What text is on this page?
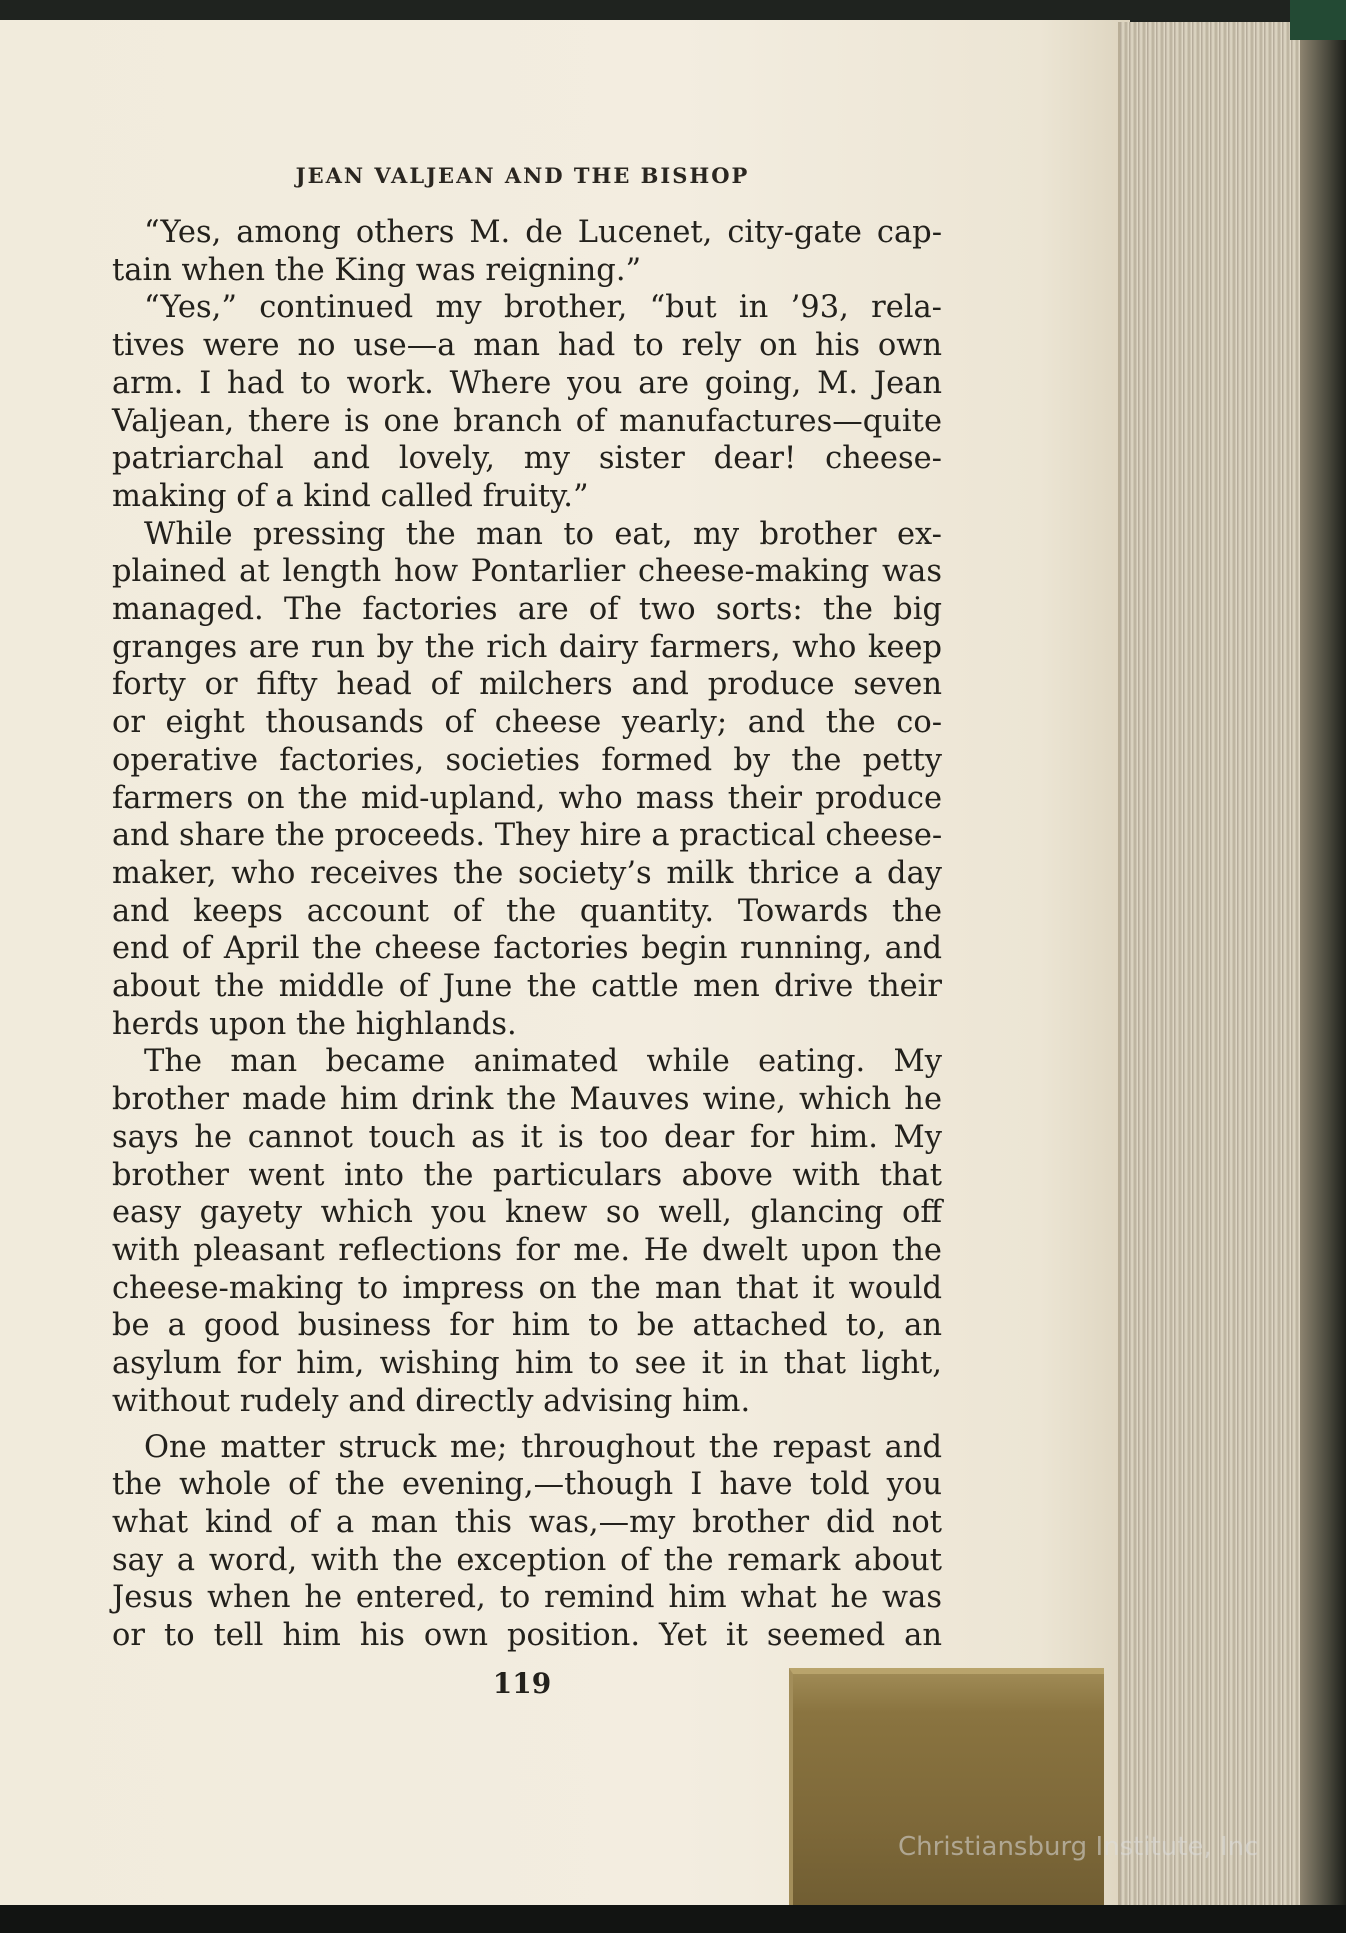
JEAN VALJEAN AND THE BISHOP
“Yes, among others M. de Lucenet, city-gate cap-
tain when the King was reigning.”
“Yes,” continued my brother, “but in ’93, rela-
tives were no use—a man had to rely on his own
arm. I had to work. Where you are going, M. Jean
Valjean, there is one branch of manufactures—quite
patriarchal and lovely, my sister dear! cheese-
making of a kind called fruity.”
While pressing the man to eat, my brother ex-
plained at length how Pontarlier cheese-making was
managed. The factories are of two sorts: the big
granges are run by the rich dairy farmers, who keep
forty or fifty head of milchers and produce seven
or eight thousands of cheese yearly; and the co-
operative factories, societies formed by the petty
farmers on the mid-upland, who mass their produce
and share the proceeds. They hire a practical cheese-
maker, who receives the society’s milk thrice a day
and keeps account of the quantity. Towards the
end of April the cheese factories begin running, and
about the middle of June the cattle men drive their
herds upon the highlands.
The man became animated while eating. My
brother made him drink the Mauves wine, which he
says he cannot touch as it is too dear for him. My
brother went into the particulars above with that
easy gayety which you knew so well, glancing off
with pleasant reflections for me. He dwelt upon the
cheese-making to impress on the man that it would
be a good business for him to be attached to, an
asylum for him, wishing him to see it in that light,
without rudely and directly advising him.
One matter struck me; throughout the repast and
the whole of the evening,—though I have told you
what kind of a man this was,—my brother did not
say a word, with the exception of the remark about
Jesus when he entered, to remind him what he was
or to tell him his own position. Yet it seemed an
119
Christiansburg Institute, Inc
